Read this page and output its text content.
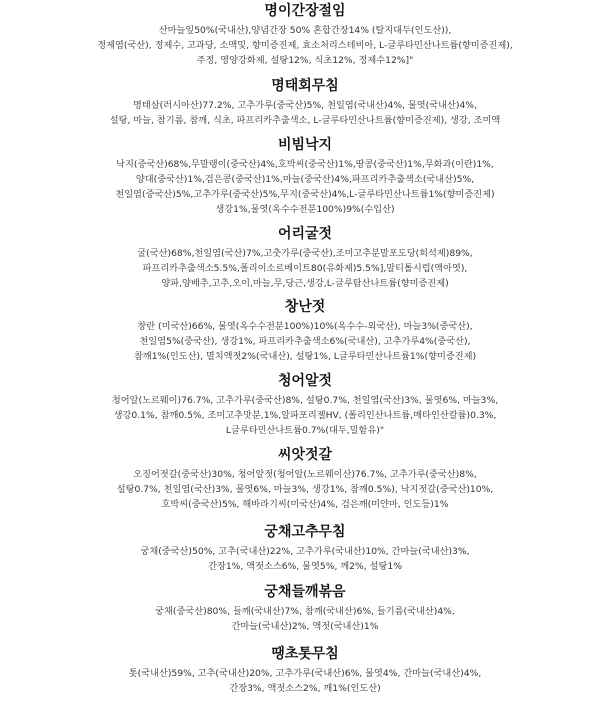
명이간장절임
산마늘잎50%(국내산),양념간장 50% 혼합간장14% (탈지대두(인도산)),
정제염(국산), 정제수, 고과당, 소맥및, 향미증진제, 효소처리스테비아, L-글루타민산나트륨(향미증진제),
주정, 영양강화제, 설탕12%, 식초12%, 정제수12%]"
명태회무침
명태살(러시아산)77.2%, 고추가루(중국산)5%, 천일염(국내산)4%, 물엿(국내산)4%,
설탕, 마늘, 참기름, 참깨, 식초, 파프리카추출색소, L-글루타민산나트륨(향미증진제), 생강, 조미액
비빔낙지
낙지(중국산)68%,무말랭이(중국산)4%,호박씨(중국산)1%,땅콩(중국산)1%,무화과(이란)1%,
양대(중국산)1%,검은콩(중국산)1%,마늘(중국산)4%,파프리카추출색소(국내산)5%,
천일염(중국산)5%,고추가루(중국산)5%,무지(중국산)4%,L-글루타민산나트륨1%(향미증진제)
생강1%,물엿(옥수수전분100%)9%(수입산)
어리굴젓
굴(국산)68%,천일염(국산)7%,고춧가루(중국산),조미고추분말포도당(희석제)89%,
파프리카추출색소5.5%,폴리이소르베이트80(유화제)5.5%],말티톨시럽(액아엿),
양파,양배추,고추,오이,마늘,무,당근,생강,L-글루탐산나트륨(향미증진제)
창난젓
창란 (미국산)66%, 물엿(옥수수전분100%)10%(옥수수-외국산), 마늘3%(중국산),
천일염5%(중국산), 생강1%, 파프리카추출색소6%(국내산), 고추가루4%(중국산),
참깨1%(인도산), 멸치액젓2%(국내산), 설탕1%, L글루타민산나트륨1%(향미증진제)
청어알젓
청어알(노르웨이)76.7%, 고추가루(중국산)8%, 설탕0.7%, 천일염(국산)3%, 물엿6%, 마늘3%,
생강0.1%, 참깨0.5%, 조미고추맛분,1%,알파포리젤HV, (폴리인산나트륨,메타인산칼륨)0.3%,
L글루타민산나트륨0.7%(대두,밀함유)"
씨앗젓갈
오징어젓갈(중국산)30%, 청어알젓(청어알(노르웨이산)76.7%, 고추가루(중국산)8%,
설탕0.7%, 천일염(국산)3%, 물엿6%, 마늘3%, 생강1%, 참깨0.5%), 낙지젓갈(중국산)10%,
호박씨(중국산)5%, 해바라기씨(미국산)4%, 검은깨(미얀마, 인도등)1%
궁채고추무침
궁채(중국산)50%, 고추(국내산)22%, 고추가루(국내산)10%, 간마늘(국내산)3%,
간장1%, 액젓소스6%, 물엿5%, 깨2%, 설탕1%
궁채들깨볶음
궁채(중국산)80%, 들깨(국내산)7%, 참깨(국내산)6%, 들기름(국내산)4%,
간마늘(국내산)2%, 액젓(국내산)1%
땡초톳무침
톳(국내산)59%, 고추(국내산)20%, 고추가루(국내산)6%, 물엿4%, 간마늘(국내산)4%,
간장3%, 액젓소스2%, 깨1%(인도산)
